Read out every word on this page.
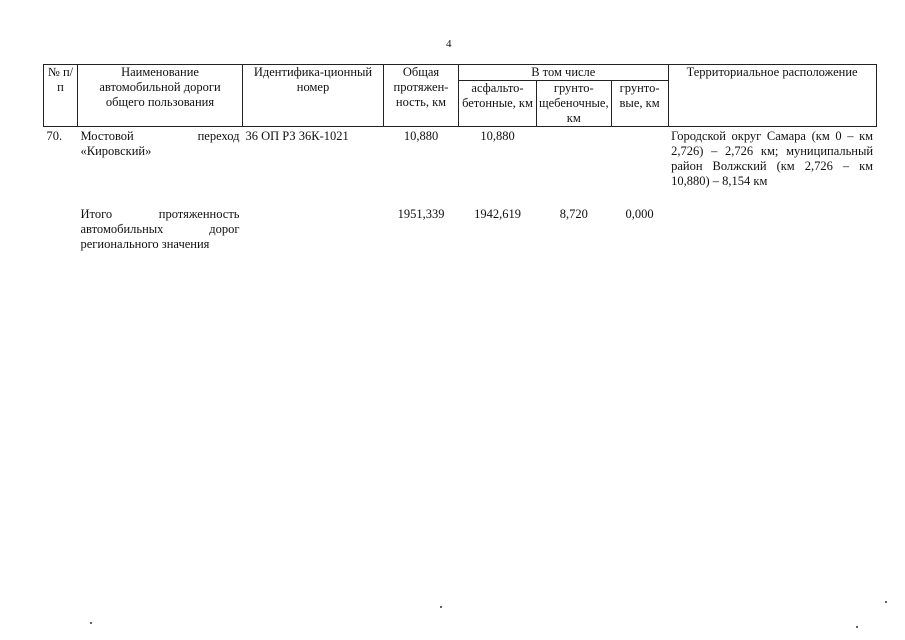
4
№ п/п	Наименование автомобильной дороги общего пользования	Идентифика-ционный номер	Общая протяжен-ность, км	В том числе			Территориальное расположение
				асфальто-бетонные, км	грунто-щебеночные, км	грунто-вые, км	
70.	Мостовой переход «Кировский»	36 ОП РЗ 36К-1021	10,880	10,880			Городской округ Самара (км 0 – км 2,726) – 2,726 км; муниципальный район Волжский (км 2,726 – км 10,880) – 8,154 км

	Итого протяженность автомобильных дорог регионального значения		1951,339	1942,619	8,720	0,000	
